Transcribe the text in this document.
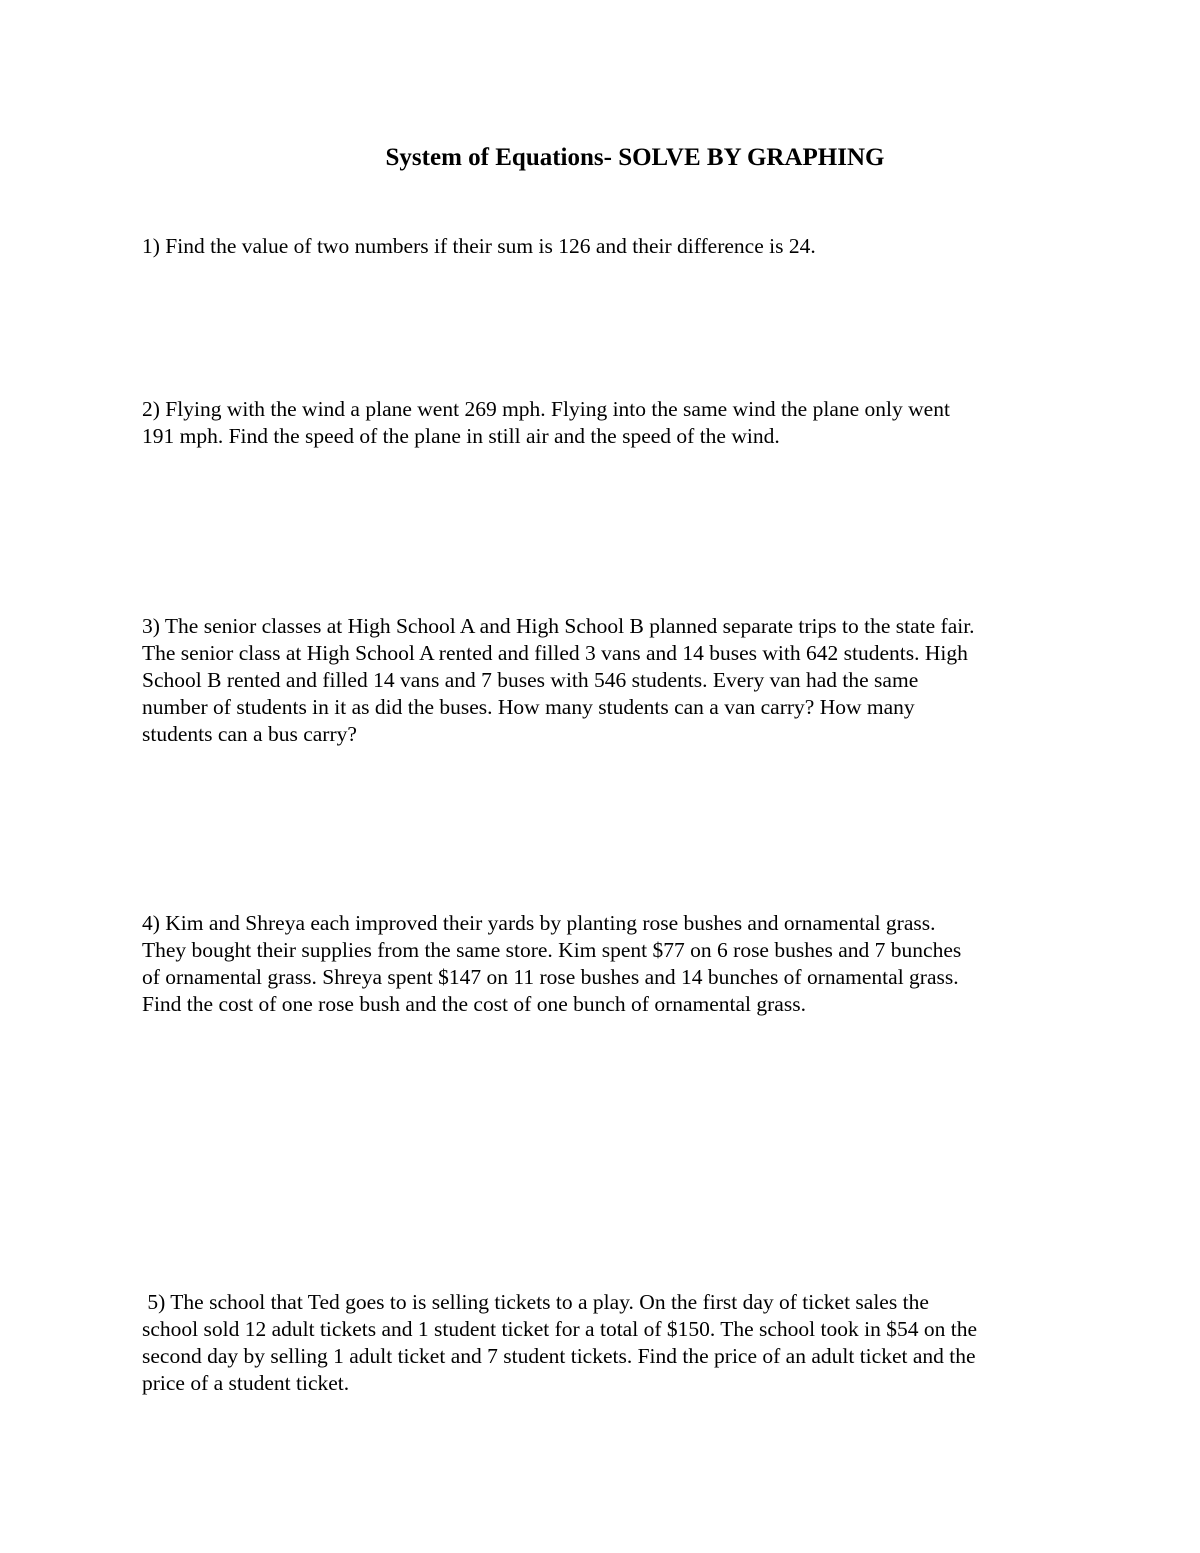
System of Equations- SOLVE BY GRAPHING
1) Find the value of two numbers if their sum is 126 and their difference is 24.
2) Flying with the wind a plane went 269 mph. Flying into the same wind the plane only went
191 mph. Find the speed of the plane in still air and the speed of the wind.
3) The senior classes at High School A and High School B planned separate trips to the state fair.
The senior class at High School A rented and filled 3 vans and 14 buses with 642 students. High
School B rented and filled 14 vans and 7 buses with 546 students. Every van had the same
number of students in it as did the buses. How many students can a van carry? How many
students can a bus carry?
4) Kim and Shreya each improved their yards by planting rose bushes and ornamental grass.
They bought their supplies from the same store. Kim spent $77 on 6 rose bushes and 7 bunches
of ornamental grass. Shreya spent $147 on 11 rose bushes and 14 bunches of ornamental grass.
Find the cost of one rose bush and the cost of one bunch of ornamental grass.
5) The school that Ted goes to is selling tickets to a play. On the first day of ticket sales the
school sold 12 adult tickets and 1 student ticket for a total of $150. The school took in $54 on the
second day by selling 1 adult ticket and 7 student tickets. Find the price of an adult ticket and the
price of a student ticket.
